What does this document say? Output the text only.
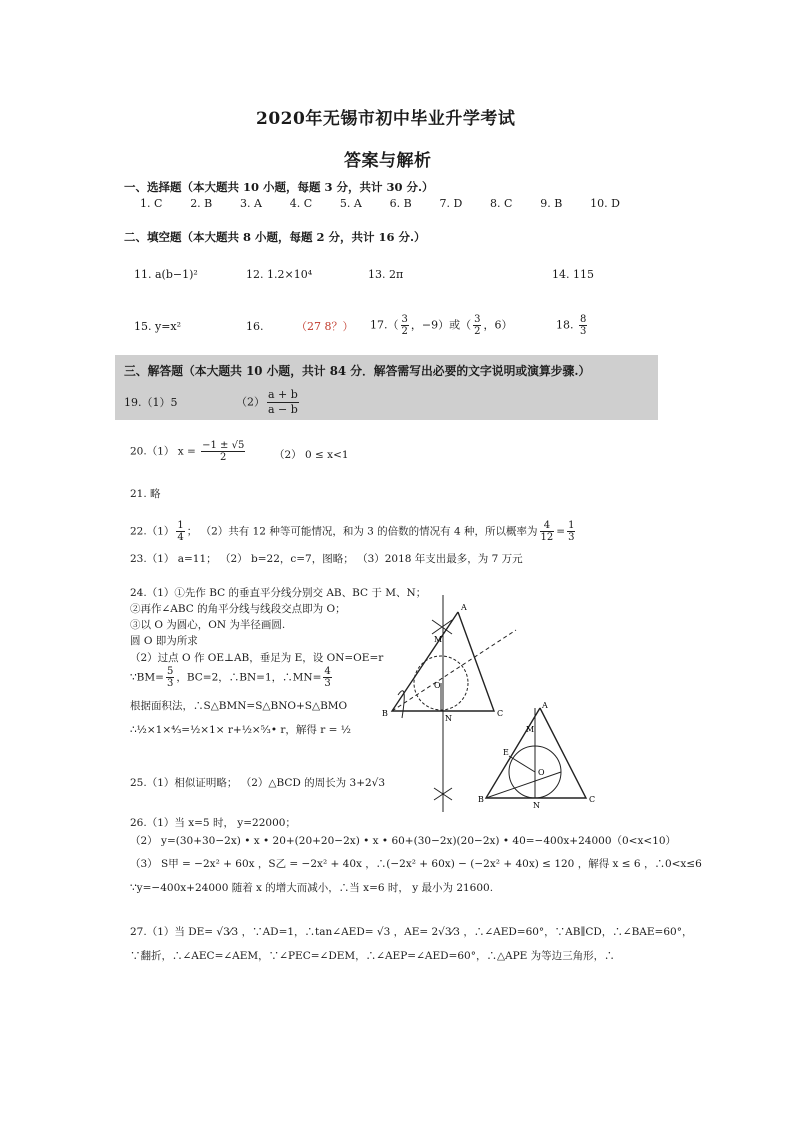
2020年无锡市初中毕业升学考试
答案与解析
一、选择题（本大题共 10 小题，每题 3 分，共计 30 分.）
1. C	2. B	3. A	4. C	5. A	6. B	7. D	8. C	9. B	10. D
二、填空题（本大题共 8 小题，每题 2 分，共计 16 分.）
11. a(b−1)²	12. 1.2×10⁴	13. 2π	14. 115
15. y=x²	16.	（27 8？） $17.( \frac{3}{2}$ ，−9）或（ $\frac{3}{2}$ ，6）	18. $\frac{8}{3}$
三、解答题（本大题共 10 小题，共计 84 分．解答需写出必要的文字说明或演算步骤.）
19.（1）5	$(2) \frac{a + b}{a - b}$
20.（1） $x = \frac{-1 \pm √5}{2}$	（2） 0 ≤ x<1
21. 略
$22.(1) \frac{1}{4}$ ； （2）共有 12 种等可能情况，和为 3 的倍数的情况有 4 种，所以概率为 $\frac{4}{12} = \frac{1}{3}$
23.（1） a=11； （2） b=22，c=7，图略； （3）2018 年支出最多，为 7 万元
24.（1）①先作 BC 的垂直平分线分别交 AB、BC 于 M、N；
②再作∠ABC 的角平分线与线段交点即为 O；
③以 O 为圆心，ON 为半径画圆.
圆 O 即为所求
（2）过点 O 作 OE⊥AB，垂足为 E，设 ON=OE=r
∵BM= $\frac{5}{3}$ ，BC=2，∴BN=1，∴MN= $\frac{4}{3}$
根据面积法，∴S△BMN=S△BNO+S△BMO
∴½×1×⁴⁄₃=½×1× r+½×⁵⁄₃• r，解得 r = ½
A
M
O
B
N
C
A
M
E
O
B
N
C
25.（1）相似证明略； （2）△BCD 的周长为 3+2√3
26.（1）当 x=5 时， y=22000；
（2） y=(30+30−2x) • x • 20+(20+20−2x) • x • 60+(30−2x)(20−2x) • 40=−400x+24000（0<x<10）
（3） S甲 = −2x² + 60x ，S乙 = −2x² + 40x ，∴(−2x² + 60x) − (−2x² + 40x) ≤ 120 ，解得 x ≤ 6 ，∴0<x≤6
∵y=−400x+24000 随着 x 的增大而减小，∴当 x=6 时， y 最小为 21600.
27.（1）当 DE= √3⁄3 ，∵AD=1，∴tan∠AED= √3 ，AE= 2√3⁄3 ，∴∠AED=60°，∵AB∥CD，∴∠BAE=60°，
∵翻折，∴∠AEC=∠AEM，∵∠PEC=∠DEM，∴∠AEP=∠AED=60°，∴△APE 为等边三角形，∴
